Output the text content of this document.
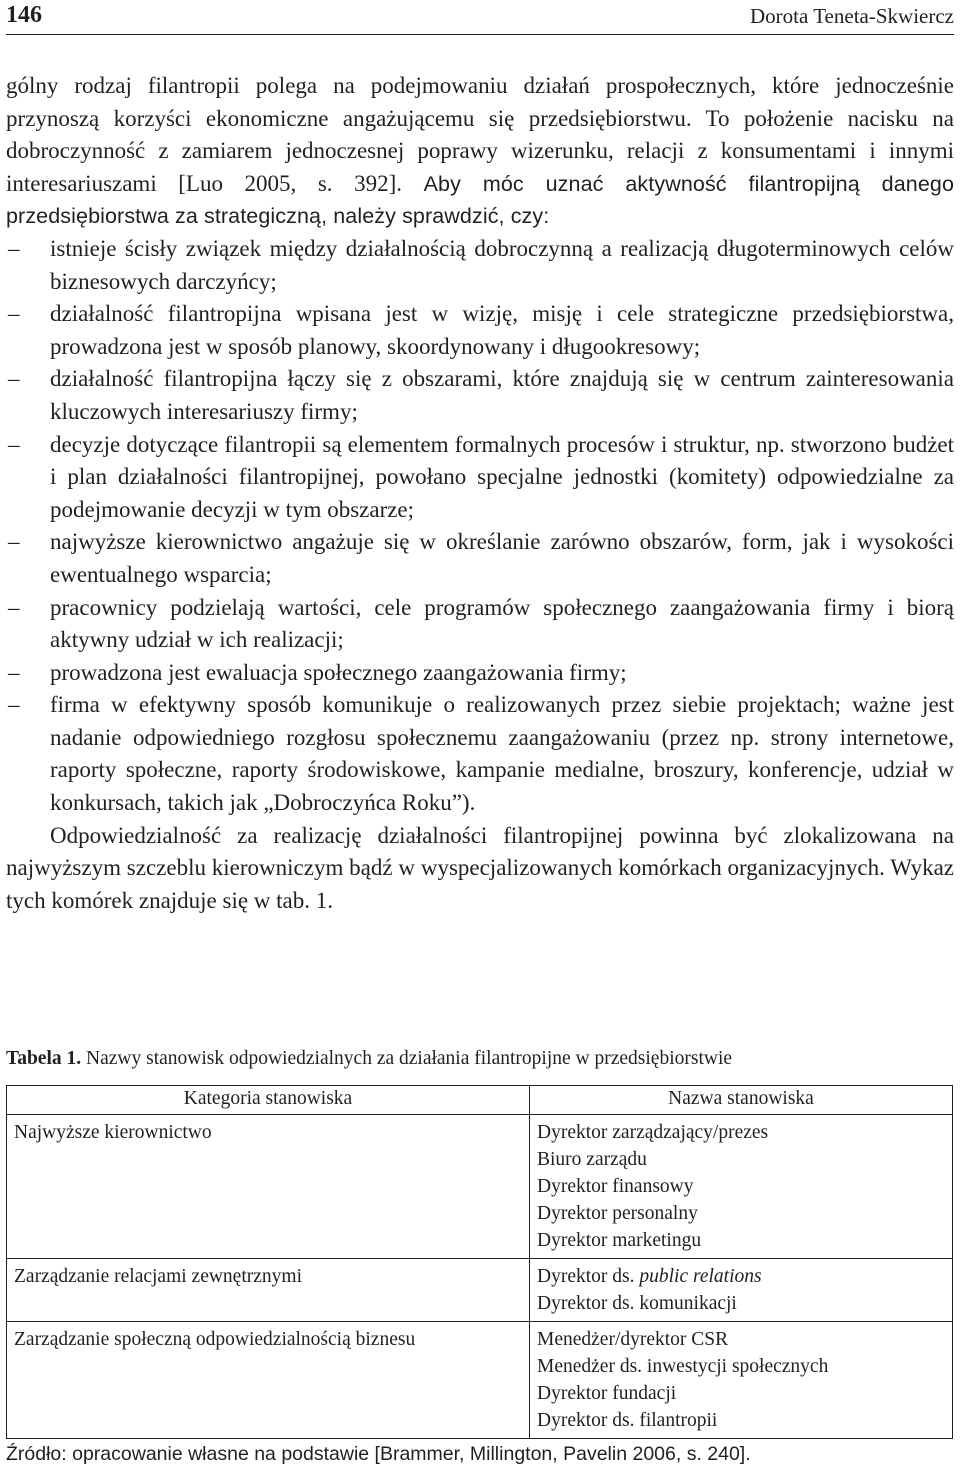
146	Dorota Teneta-Skwiercz

gólny rodzaj filantropii polega na podejmowaniu działań prospołecznych, które jednocześnie przynoszą korzyści ekonomiczne angażującemu się przedsiębiorstwu. To położenie nacisku na dobroczynność z zamiarem jednoczesnej poprawy wizerunku, relacji z konsumentami i innymi interesariuszami [Luo 2005, s. 392]. Aby móc uznać aktywność filantropijną danego przedsiębiorstwa za strategiczną, należy sprawdzić, czy:

– istnieje ścisły związek między działalnością dobroczynną a realizacją długoterminowych celów biznesowych darczyńcy;
– działalność filantropijna wpisana jest w wizję, misję i cele strategiczne przedsiębiorstwa, prowadzona jest w sposób planowy, skoordynowany i długookresowy;
– działalność filantropijna łączy się z obszarami, które znajdują się w centrum zainteresowania kluczowych interesariuszy firmy;
– decyzje dotyczące filantropii są elementem formalnych procesów i struktur, np. stworzono budżet i plan działalności filantropijnej, powołano specjalne jednostki (komitety) odpowiedzialne za podejmowanie decyzji w tym obszarze;
– najwyższe kierownictwo angażuje się w określanie zarówno obszarów, form, jak i wysokości ewentualnego wsparcia;
– pracownicy podzielają wartości, cele programów społecznego zaangażowania firmy i biorą aktywny udział w ich realizacji;
– prowadzona jest ewaluacja społecznego zaangażowania firmy;
– firma w efektywny sposób komunikuje o realizowanych przez siebie projektach; ważne jest nadanie odpowiedniego rozgłosu społecznemu zaangażowaniu (przez np. strony internetowe, raporty społeczne, raporty środowiskowe, kampanie medialne, broszury, konferencje, udział w konkursach, takich jak „Dobroczyńca Roku”).

Odpowiedzialność za realizację działalności filantropijnej powinna być zlokalizowana na najwyższym szczeblu kierowniczym bądź w wyspecjalizowanych komórkach organizacyjnych. Wykaz tych komórek znajduje się w tab. 1.

Tabela 1. Nazwy stanowisk odpowiedzialnych za działania filantropijne w przedsiębiorstwie
Kategoria stanowiska	Nazwa stanowiska
Najwyższe kierownictwo	Dyrektor zarządzający/prezes
Biuro zarządu
Dyrektor finansowy
Dyrektor personalny
Dyrektor marketingu

Zarządzanie relacjami zewnętrznymi	Dyrektor ds. public relations
Dyrektor ds. komunikacji

Zarządzanie społeczną odpowiedzialnością biznesu	Menedżer/dyrektor CSR
Menedżer ds. inwestycji społecznych
Dyrektor fundacji
Dyrektor ds. filantropii
Źródło: opracowanie własne na podstawie [Brammer, Millington, Pavelin 2006, s. 240].
